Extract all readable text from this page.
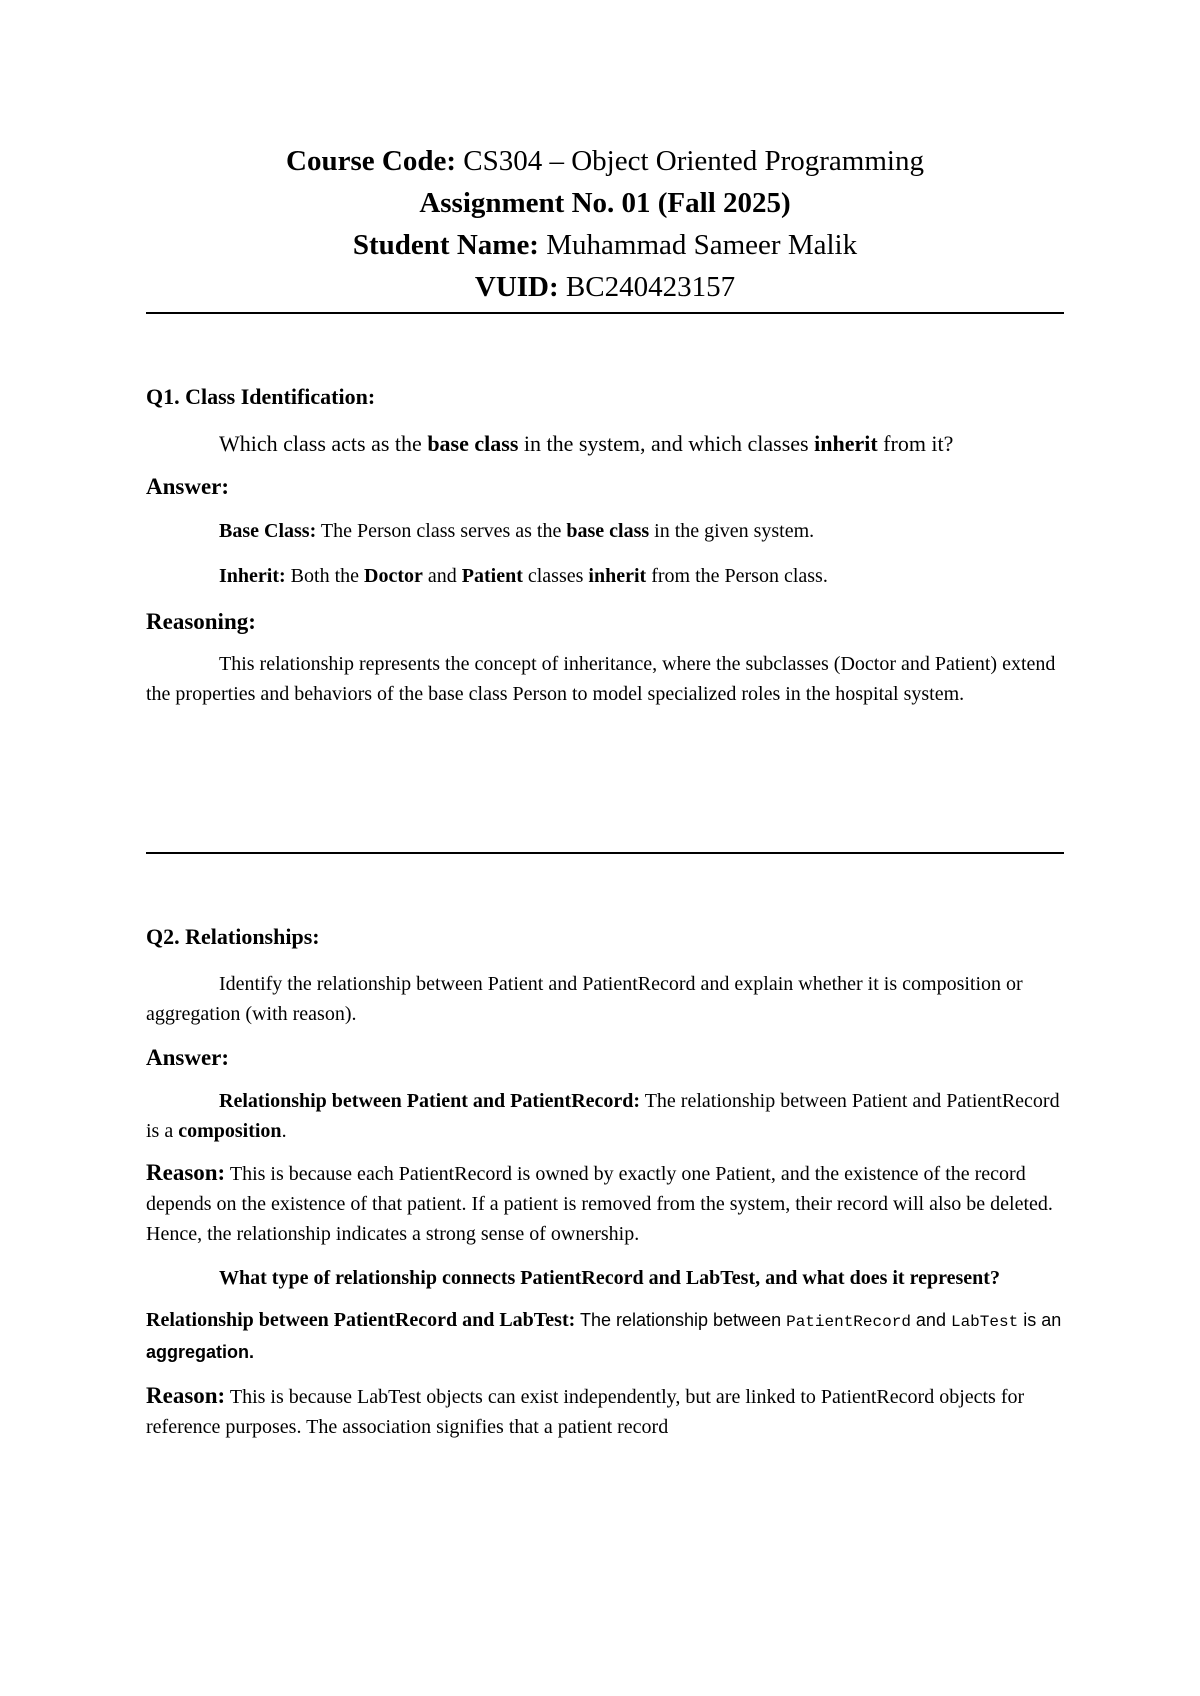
Course Code: CS304 – Object Oriented Programming
Assignment No. 01 (Fall 2025)
Student Name: Muhammad Sameer Malik
VUID: BC240423157
Q1. Class Identification:

Which class acts as the base class in the system, and which classes inherit from it?

Answer:

Base Class: The Person class serves as the base class in the given system.

Inherit: Both the Doctor and Patient classes inherit from the Person class.

Reasoning:

This relationship represents the concept of inheritance, where the subclasses (Doctor and Patient) extend the properties and behaviors of the base class Person to model specialized roles in the hospital system.

Q2. Relationships:

Identify the relationship between Patient and PatientRecord and explain whether it is composition or aggregation (with reason).

Answer:

Relationship between Patient and PatientRecord: The relationship between Patient and PatientRecord is a composition.

Reason: This is because each PatientRecord is owned by exactly one Patient, and the existence of the record depends on the existence of that patient. If a patient is removed from the system, their record will also be deleted. Hence, the relationship indicates a strong sense of ownership.

What type of relationship connects PatientRecord and LabTest, and what does it represent?

Relationship between PatientRecord and LabTest: The relationship between PatientRecord and LabTest is an aggregation.

Reason: This is because LabTest objects can exist independently, but are linked to PatientRecord objects for reference purposes. The association signifies that a patient record
